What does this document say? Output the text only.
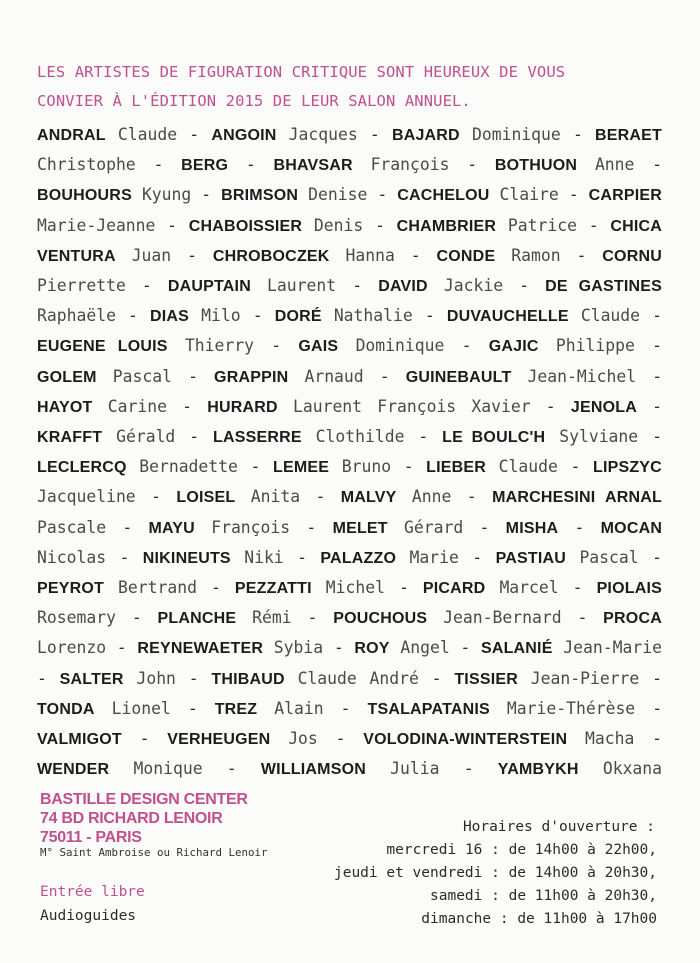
LES ARTISTES DE FIGURATION CRITIQUE SONT HEUREUX DE VOUS
CONVIER À L'ÉDITION 2015 DE LEUR SALON ANNUEL.
ANDRAL Claude - ANGOIN Jacques - BAJARD Dominique - BERAET Christophe - BERG - BHAVSAR François - BOTHUON Anne - BOUHOURS Kyung - BRIMSON Denise - CACHELOU Claire - CARPIER Marie-Jeanne - CHABOISSIER Denis - CHAMBRIER Patrice - CHICA VENTURA Juan - CHROBOCZEK Hanna - CONDE Ramon - CORNU Pierrette - DAUPTAIN Laurent - DAVID Jackie - DE GASTINES Raphaële - DIAS Milo - DORÉ Nathalie - DUVAUCHELLE Claude - EUGENE LOUIS Thierry - GAIS Dominique - GAJIC Philippe - GOLEM Pascal - GRAPPIN Arnaud - GUINEBAULT Jean-Michel - HAYOT Carine - HURARD Laurent François Xavier - JENOLA - KRAFFT Gérald - LASSERRE Clothilde - LE BOULC'H Sylviane - LECLERCQ Bernadette - LEMEE Bruno - LIEBER Claude - LIPSZYC Jacqueline - LOISEL Anita - MALVY Anne - MARCHESINI ARNAL Pascale - MAYU François - MELET Gérard - MISHA - MOCAN Nicolas - NIKINEUTS Niki - PALAZZO Marie - PASTIAU Pascal - PEYROT Bertrand - PEZZATTI Michel - PICARD Marcel - PIOLAIS Rosemary - PLANCHE Rémi - POUCHOUS Jean-Bernard - PROCA Lorenzo - REYNEWAETER Sybia - ROY Angel - SALANIÉ Jean-Marie - SALTER John - THIBAUD Claude André - TISSIER Jean-Pierre - TONDA Lionel - TREZ Alain - TSALAPATANIS Marie-Thérèse - VALMIGOT - VERHEUGEN Jos - VOLODINA-WINTERSTEIN Macha - WENDER Monique - WILLIAMSON Julia - YAMBYKH Okxana
BASTILLE DESIGN CENTER
74 BD RICHARD LENOIR
75011 - PARIS
M° Saint Ambroise ou Richard Lenoir
Entrée libre
Audioguides
Horaires d'ouverture :
mercredi 16 : de 14h00 à 22h00,
jeudi et vendredi : de 14h00 à 20h30,
samedi : de 11h00 à 20h30,
dimanche : de 11h00 à 17h00
